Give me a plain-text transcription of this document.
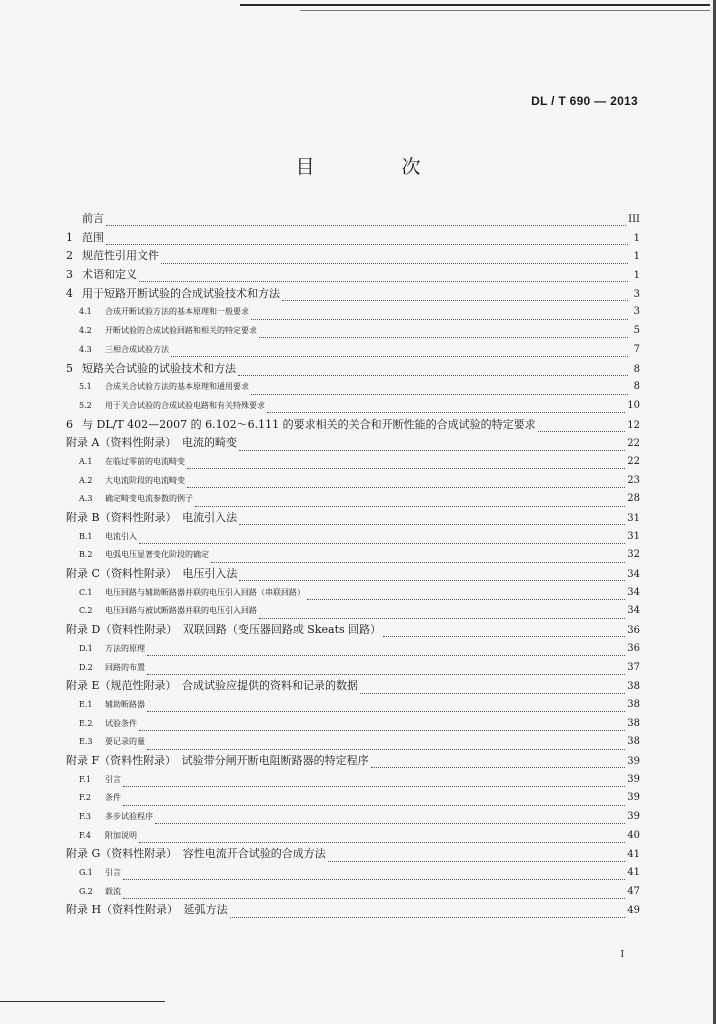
DL / T 690 — 2013
目　次
前言	III
1 范围	1
2 规范性引用文件	1
3 术语和定义	1
4 用于短路开断试验的合成试验技术和方法	3
4.1	合成开断试验方法的基本原理和一般要求	3
4.2	开断试验的合成试验回路和相关的特定要求	5
4.3	三相合成试验方法	7
5 短路关合试验的试验技术和方法	8
5.1	合成关合试验方法的基本原理和通用要求	8
5.2	用于关合试验的合成试验电路和有关特殊要求	10
6 与 DL/T 402—2007 的 6.102～6.111 的要求相关的关合和开断性能的合成试验的特定要求	12
附录 A（资料性附录）　电流的畸变	22
A.1	在临过零前的电流畸变	22
A.2	大电流阶段的电流畸变	23
A.3	确定畸变电流参数的例子	28
附录 B（资料性附录）　电流引入法	31
B.1	电流引入	31
B.2	电弧电压显著变化阶段的确定	32
附录 C（资料性附录）　电压引入法	34
C.1	电压回路与辅助断路器并联的电压引入回路（串联回路）	34
C.2	电压回路与被试断路器并联的电压引入回路	34
附录 D（资料性附录）　双联回路（变压器回路或 Skeats 回路）	36
D.1	方法的原理	36
D.2	回路的布置	37
附录 E（规范性附录）　合成试验应提供的资料和记录的数据	38
E.1	辅助断路器	38
E.2	试验条件	38
E.3	要记录的量	38
附录 F（资料性附录）　试验带分闸开断电阻断路器的特定程序	39
F.1	引言	39
F.2	条件	39
F.3	多步试验程序	39
F.4	附加说明	40
附录 G（资料性附录）　容性电流开合试验的合成方法	41
G.1	引言	41
G.2	载流	47
附录 H（资料性附录）　延弧方法	49
I
